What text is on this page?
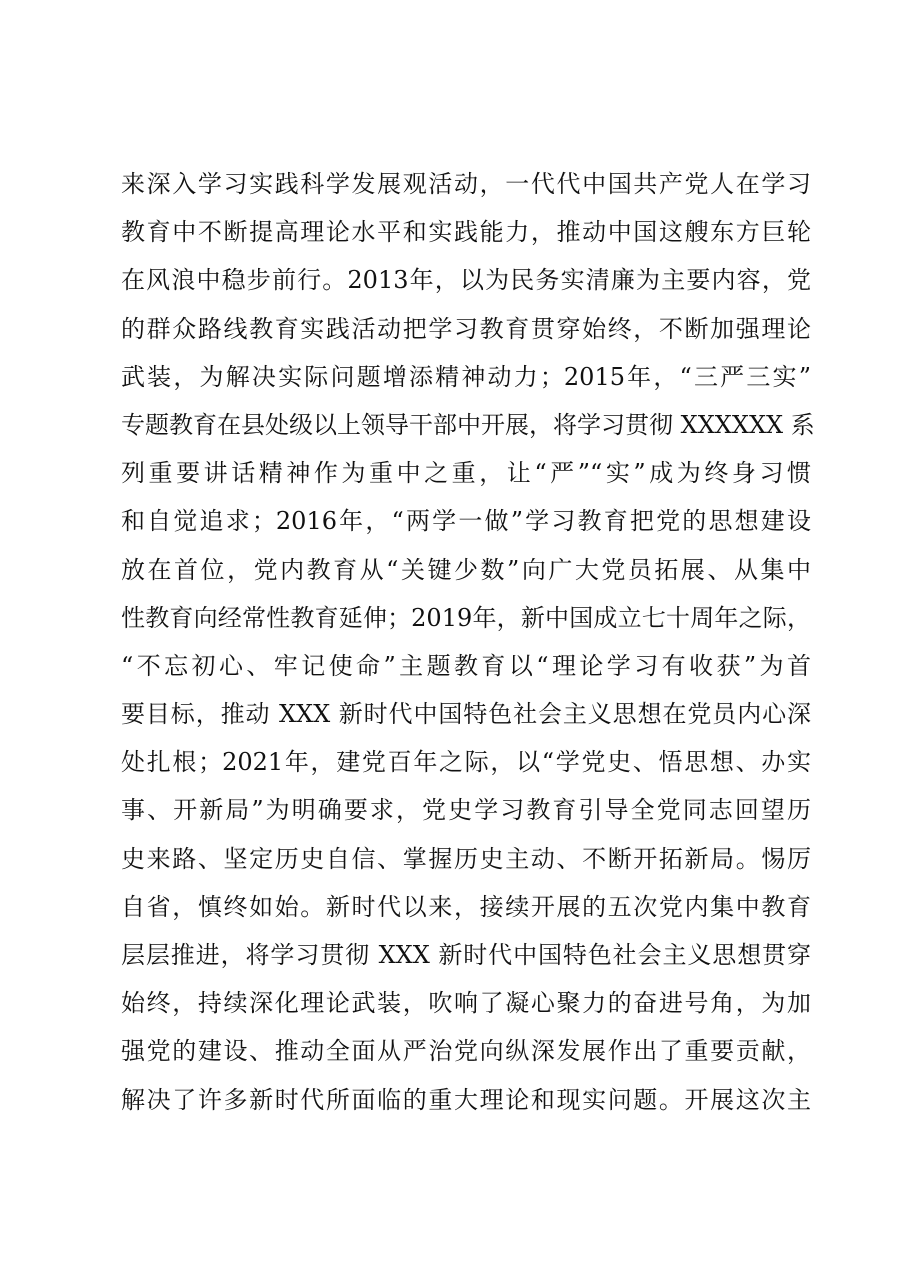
来深入学习实践科学发展观活动，一代代中国共产党人在学习
教育中不断提高理论水平和实践能力，推动中国这艘东方巨轮
在风浪中稳步前行。2013年，以为民务实清廉为主要内容，党
的群众路线教育实践活动把学习教育贯穿始终，不断加强理论
武装，为解决实际问题增添精神动力；2015年，“三严三实”
专题教育在县处级以上领导干部中开展，将学习贯彻 XXXXXX 系
列重要讲话精神作为重中之重，让“严”“实”成为终身习惯
和自觉追求；2016年，“两学一做”学习教育把党的思想建设
放在首位，党内教育从“关键少数”向广大党员拓展、从集中
性教育向经常性教育延伸；2019年，新中国成立七十周年之际，
“不忘初心、牢记使命”主题教育以“理论学习有收获”为首
要目标，推动 XXX 新时代中国特色社会主义思想在党员内心深
处扎根；2021年，建党百年之际，以“学党史、悟思想、办实
事、开新局”为明确要求，党史学习教育引导全党同志回望历
史来路、坚定历史自信、掌握历史主动、不断开拓新局。惕厉
自省，慎终如始。新时代以来，接续开展的五次党内集中教育
层层推进，将学习贯彻 XXX 新时代中国特色社会主义思想贯穿
始终，持续深化理论武装，吹响了凝心聚力的奋进号角，为加
强党的建设、推动全面从严治党向纵深发展作出了重要贡献，
解决了许多新时代所面临的重大理论和现实问题。开展这次主
